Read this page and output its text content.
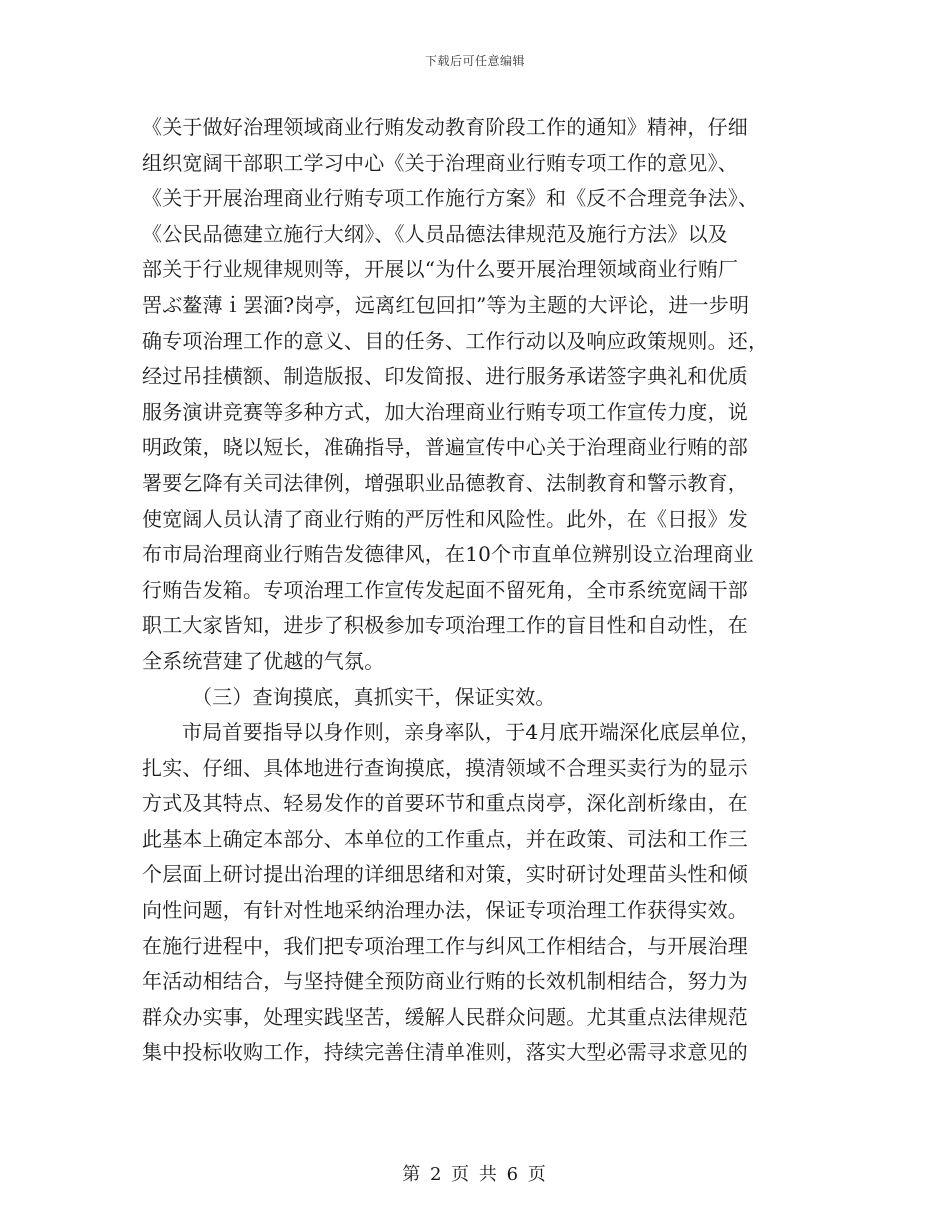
下载后可任意编辑
《关于做好治理领域商业行贿发动教育阶段工作的通知》精神，仔细
组织宽阔干部职工学习中心《关于治理商业行贿专项工作的意见》、
《关于开展治理商业行贿专项工作施行方案》和《反不合理竞争法》、
《公民品德建立施行大纲》、《人员品德法律规范及施行方法》以及
部关于行业规律规则等，开展以“为什么要开展治理领域商业行贿厂
罟ぶ鳌薄ｉ罢湎?岗亭，远离红包回扣”等为主题的大评论，进一步明
确专项治理工作的意义、目的任务、工作行动以及响应政策规则。还，
经过吊挂横额、制造版报、印发简报、进行服务承诺签字典礼和优质
服务演讲竞赛等多种方式，加大治理商业行贿专项工作宣传力度，说
明政策，晓以短长，准确指导，普遍宣传中心关于治理商业行贿的部
署要乞降有关司法律例，增强职业品德教育、法制教育和警示教育，
使宽阔人员认清了商业行贿的严厉性和风险性。此外，在《日报》发
布市局治理商业行贿告发德律风，在10个市直单位辨别设立治理商业
行贿告发箱。专项治理工作宣传发起面不留死角，全市系统宽阔干部
职工大家皆知，进步了积极参加专项治理工作的盲目性和自动性，在
全系统营建了优越的气氛。
（三）查询摸底，真抓实干，保证实效。
市局首要指导以身作则，亲身率队，于4月底开端深化底层单位，
扎实、仔细、具体地进行查询摸底，摸清领域不合理买卖行为的显示
方式及其特点、轻易发作的首要环节和重点岗亭，深化剖析缘由，在
此基本上确定本部分、本单位的工作重点，并在政策、司法和工作三
个层面上研讨提出治理的详细思绪和对策，实时研讨处理苗头性和倾
向性问题，有针对性地采纳治理办法，保证专项治理工作获得实效。
在施行进程中，我们把专项治理工作与纠风工作相结合，与开展治理
年活动相结合，与坚持健全预防商业行贿的长效机制相结合，努力为
群众办实事，处理实践坚苦，缓解人民群众问题。尤其重点法律规范
集中投标收购工作，持续完善住清单准则，落实大型必需寻求意见的
第 2 页 共 6 页
